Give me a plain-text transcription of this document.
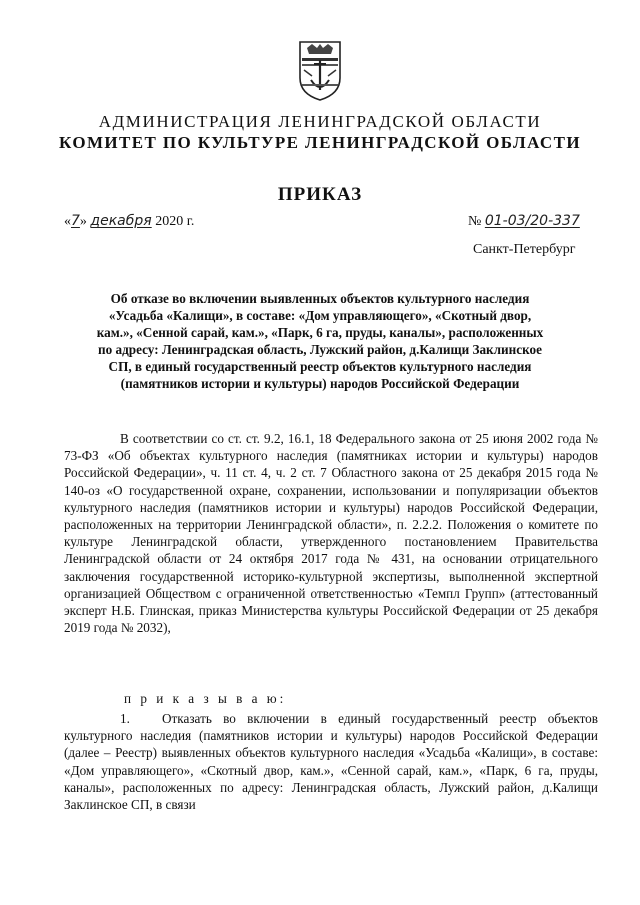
АДМИНИСТРАЦИЯ ЛЕНИНГРАДСКОЙ ОБЛАСТИ
КОМИТЕТ ПО КУЛЬТУРЕ ЛЕНИНГРАДСКОЙ ОБЛАСТИ
ПРИКАЗ
«7» декабря 2020 г.	№ 01-03/20-337
Санкт-Петербург
Об отказе во включении выявленных объектов культурного наследия «Усадьба «Калищи», в составе: «Дом управляющего», «Скотный двор, кам.», «Сенной сарай, кам.», «Парк, 6 га, пруды, каналы», расположенных по адресу: Ленинградская область, Лужский район, д.Калищи Заклинское СП, в единый государственный реестр объектов культурного наследия (памятников истории и культуры) народов Российской Федерации

В соответствии со ст. ст. 9.2, 16.1, 18 Федерального закона от 25 июня 2002 года № 73-ФЗ «Об объектах культурного наследия (памятниках истории и культуры) народов Российской Федерации», ч. 11 ст. 4, ч. 2 ст. 7 Областного закона от 25 декабря 2015 года № 140-оз «О государственной охране, сохранении, использовании и популяризации объектов культурного наследия (памятников истории и культуры) народов Российской Федерации, расположенных на территории Ленинградской области», п. 2.2.2. Положения о комитете по культуре Ленинградской области, утвержденного постановлением Правительства Ленинградской области от 24 октября 2017 года № 431, на основании отрицательного заключения государственной историко-культурной экспертизы, выполненной экспертной организацией Обществом с ограниченной ответственностью «Темпл Групп» (аттестованный эксперт Н.Б. Глинская, приказ Министерства культуры Российской Федерации от 25 декабря 2019 года № 2032),

п р и к а з ы в а ю:

1. Отказать во включении в единый государственный реестр объектов культурного наследия (памятников истории и культуры) народов Российской Федерации (далее – Реестр) выявленных объектов культурного наследия «Усадьба «Калищи», в составе: «Дом управляющего», «Скотный двор, кам.», «Сенной сарай, кам.», «Парк, 6 га, пруды, каналы», расположенных по адресу: Ленинградская область, Лужский район, д.Калищи Заклинское СП, в связи
